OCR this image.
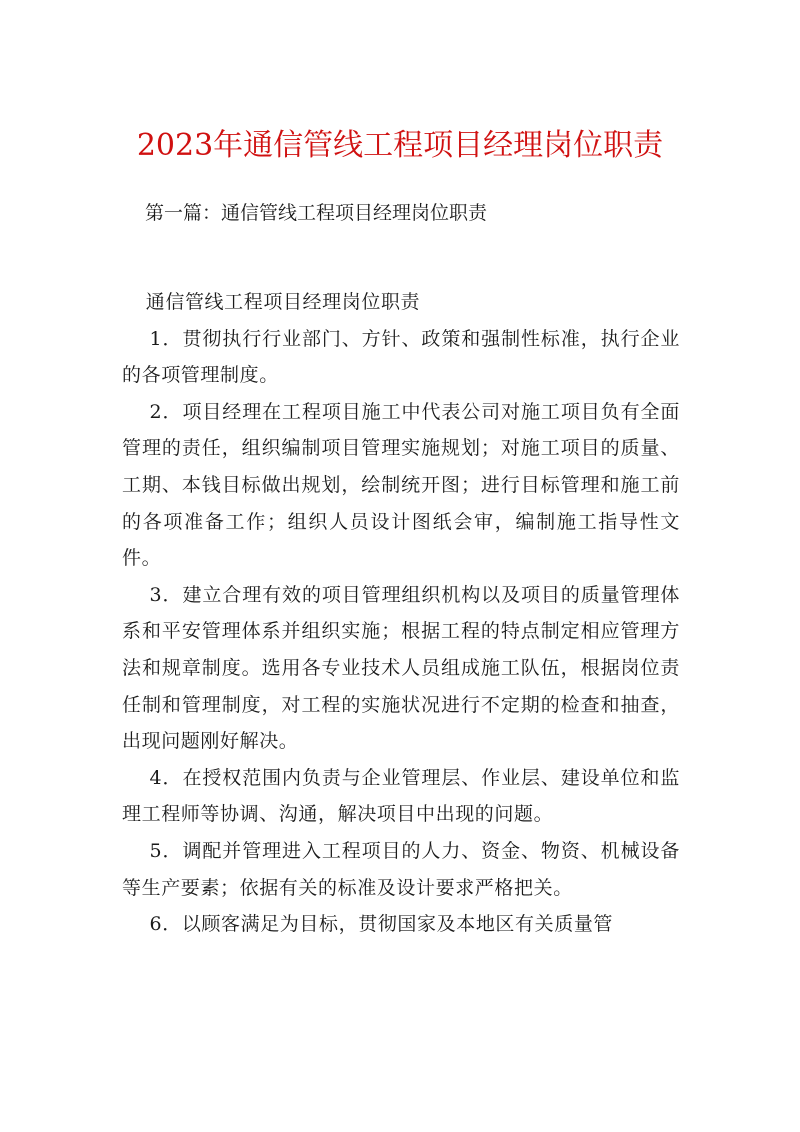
2023年通信管线工程项目经理岗位职责

第一篇：通信管线工程项目经理岗位职责

通信管线工程项目经理岗位职责

1．贯彻执行行业部门、方针、政策和强制性标准，执行企业的各项管理制度。

2．项目经理在工程项目施工中代表公司对施工项目负有全面管理的责任，组织编制项目管理实施规划；对施工项目的质量、工期、本钱目标做出规划，绘制统开图；进行目标管理和施工前的各项准备工作；组织人员设计图纸会审，编制施工指导性文件。

3．建立合理有效的项目管理组织机构以及项目的质量管理体系和平安管理体系并组织实施；根据工程的特点制定相应管理方法和规章制度。选用各专业技术人员组成施工队伍，根据岗位责任制和管理制度，对工程的实施状况进行不定期的检查和抽查，出现问题刚好解决。

4．在授权范围内负责与企业管理层、作业层、建设单位和监理工程师等协调、沟通，解决项目中出现的问题。

5．调配并管理进入工程项目的人力、资金、物资、机械设备等生产要素；依据有关的标准及设计要求严格把关。

6．以顾客满足为目标，贯彻国家及本地区有关质量管
